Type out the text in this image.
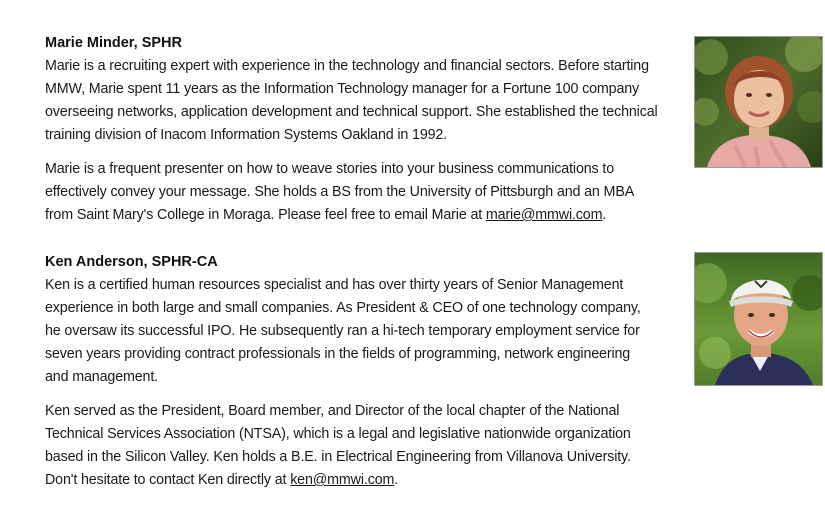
Marie Minder, SPHR

Marie is a recruiting expert with experience in the technology and financial sectors. Before starting
MMW, Marie spent 11 years as the Information Technology manager for a Fortune 100 company
overseeing networks, application development and technical support. She established the technical
training division of Inacom Information Systems Oakland in 1992.

Marie is a frequent presenter on how to weave stories into your business communications to
effectively convey your message. She holds a BS from the University of Pittsburgh and an MBA
from Saint Mary's College in Moraga. Please feel free to email Marie at marie@mmwi.com.

Ken Anderson, SPHR-CA

Ken is a certified human resources specialist and has over thirty years of Senior Management
experience in both large and small companies. As President & CEO of one technology company,
he oversaw its successful IPO. He subsequently ran a hi-tech temporary employment service for
seven years providing contract professionals in the fields of programming, network engineering
and management.

Ken served as the President, Board member, and Director of the local chapter of the National
Technical Services Association (NTSA), which is a legal and legislative nationwide organization
based in the Silicon Valley. Ken holds a B.E. in Electrical Engineering from Villanova University.
Don't hesitate to contact Ken directly at ken@mmwi.com.
